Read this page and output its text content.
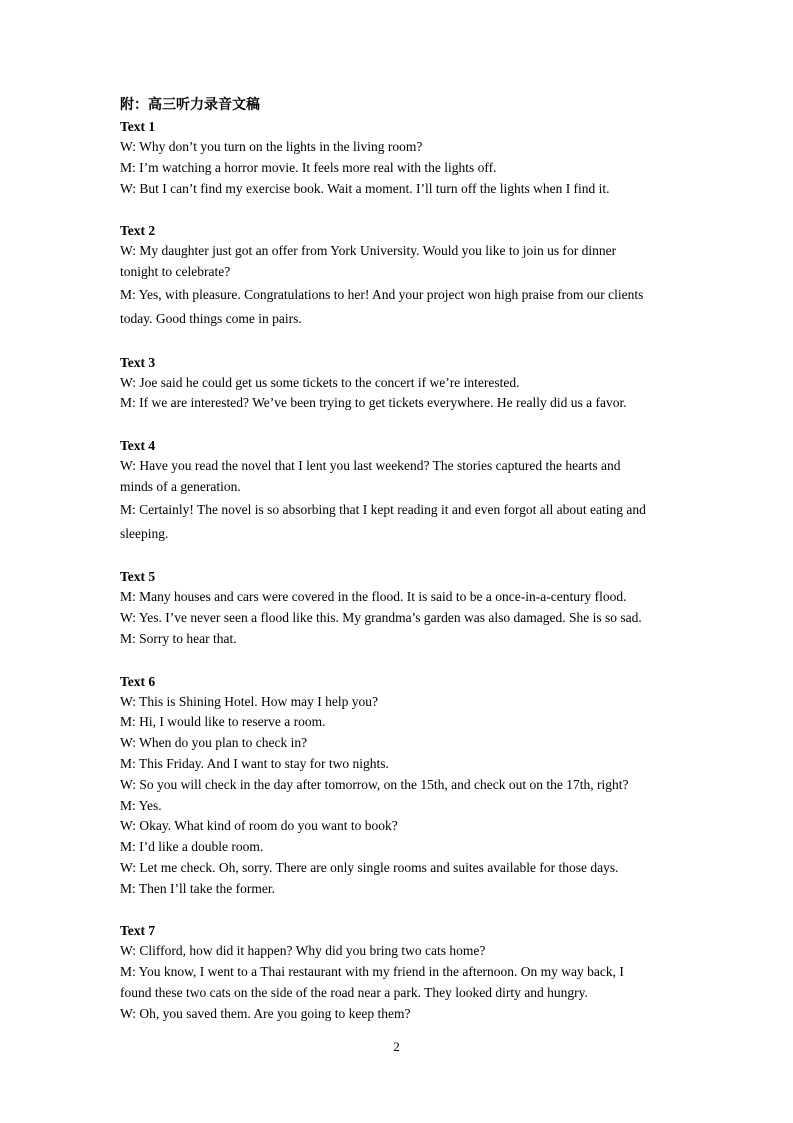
附：高三听力录音文稿
Text 1
W: Why don’t you turn on the lights in the living room?
M: I’m watching a horror movie. It feels more real with the lights off.
W: But I can’t find my exercise book. Wait a moment. I’ll turn off the lights when I find it.
Text 2
W: My daughter just got an offer from York University. Would you like to join us for dinner
tonight to celebrate?
M: Yes, with pleasure. Congratulations to her! And your project won high praise from our clients
today. Good things come in pairs.
Text 3
W: Joe said he could get us some tickets to the concert if we’re interested.
M: If we are interested? We’ve been trying to get tickets everywhere. He really did us a favor.
Text 4
W: Have you read the novel that I lent you last weekend? The stories captured the hearts and
minds of a generation.
M: Certainly! The novel is so absorbing that I kept reading it and even forgot all about eating and
sleeping.
Text 5
M: Many houses and cars were covered in the flood. It is said to be a once-in-a-century flood.
W: Yes. I’ve never seen a flood like this. My grandma’s garden was also damaged. She is so sad.
M: Sorry to hear that.
Text 6
W: This is Shining Hotel. How may I help you?
M: Hi, I would like to reserve a room.
W: When do you plan to check in?
M: This Friday. And I want to stay for two nights.
W: So you will check in the day after tomorrow, on the 15th, and check out on the 17th, right?
M: Yes.
W: Okay. What kind of room do you want to book?
M: I’d like a double room.
W: Let me check. Oh, sorry. There are only single rooms and suites available for those days.
M: Then I’ll take the former.
Text 7
W: Clifford, how did it happen? Why did you bring two cats home?
M: You know, I went to a Thai restaurant with my friend in the afternoon. On my way back, I
found these two cats on the side of the road near a park. They looked dirty and hungry.
W: Oh, you saved them. Are you going to keep them?
2
